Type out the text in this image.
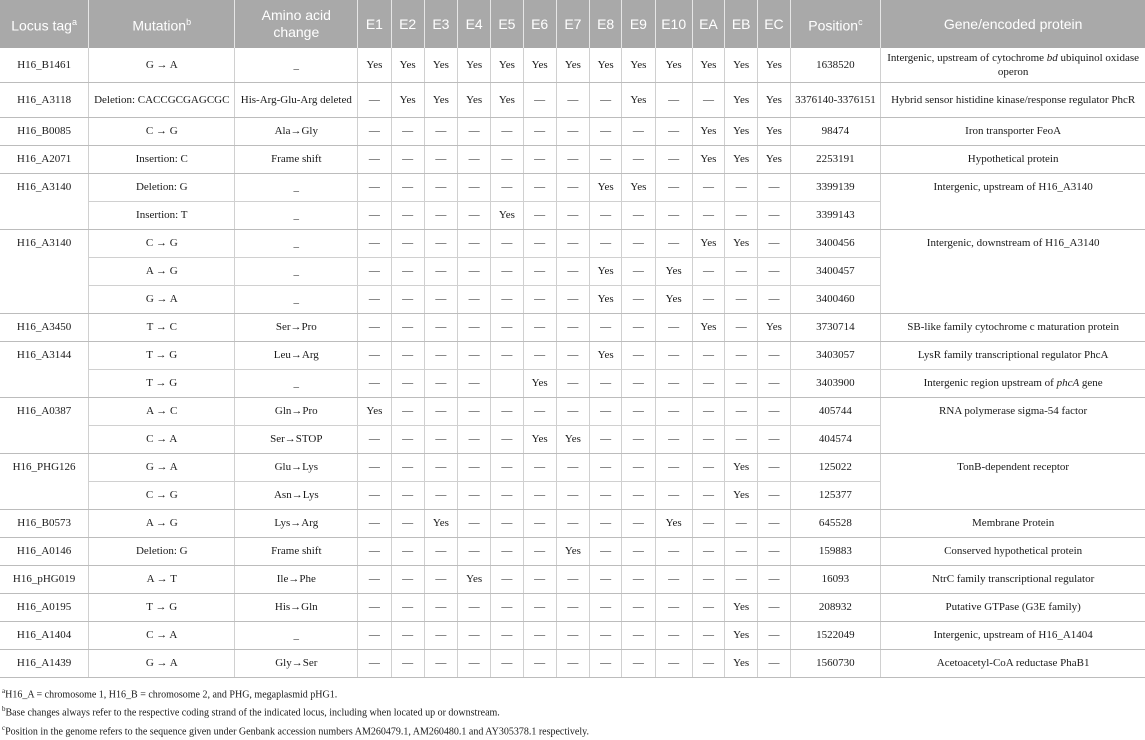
Locus tag$^a$	Mutation$^b$	Amino acid change	E1	E2	E3	E4	E5	E6	E7	E8	E9	E10	EA	EB	EC	Position$^c$	Gene/encoded protein
H16_B1461	G → A	_	Yes	Yes	Yes	Yes	Yes	Yes	Yes	Yes	Yes	Yes	Yes	Yes	Yes	1638520	Intergenic, upstream of cytochrome bd ubiquinol oxidase operon
H16_A3118	Deletion: CACCGCGAGCGC	His-Arg-Glu-Arg deleted	—	Yes	Yes	Yes	Yes	—	—	—	Yes	—	—	Yes	Yes	3376140-3376151	Hybrid sensor histidine kinase/response regulator PhcR
H16_B0085	C → G	Ala→Gly	—	—	—	—	—	—	—	—	—	—	Yes	Yes	Yes	98474	Iron transporter FeoA
H16_A2071	Insertion: C	Frame shift	—	—	—	—	—	—	—	—	—	—	Yes	Yes	Yes	2253191	Hypothetical protein
H16_A3140	Deletion: G	_	—	—	—	—	—	—	—	Yes	Yes	—	—	—	—	3399139	Intergenic, upstream of H16_A3140
	Insertion: T	_	—	—	—	—	Yes	—	—	—	—	—	—	—	—	3399143	
H16_A3140	C → G	_	—	—	—	—	—	—	—	—	—	—	Yes	Yes	—	3400456	Intergenic, downstream of H16_A3140
	A → G	_	—	—	—	—	—	—	—	Yes	—	Yes	—	—	—	3400457	
	G → A	_	—	—	—	—	—	—	—	Yes	—	Yes	—	—	—	3400460	
H16_A3450	T → C	Ser→Pro	—	—	—	—	—	—	—	—	—	—	Yes	—	Yes	3730714	SB-like family cytochrome c maturation protein
H16_A3144	T → G	Leu→Arg	—	—	—	—	—	—	—	Yes	—	—	—	—	—	3403057	LysR family transcriptional regulator PhcA
	T → G	_	—	—	—	—		Yes	—	—	—	—	—	—	—	3403900	Intergenic region upstream of phcA gene
H16_A0387	A → C	Gln→Pro	Yes	—	—	—	—	—	—	—	—	—	—	—	—	405744	RNA polymerase sigma-54 factor
	C → A	Ser→STOP	—	—	—	—	—	Yes	Yes	—	—	—	—	—	—	404574	
H16_PHG126	G → A	Glu→Lys	—	—	—	—	—	—	—	—	—	—	—	Yes	—	125022	TonB-dependent receptor
	C → G	Asn→Lys	—	—	—	—	—	—	—	—	—	—	—	Yes	—	125377	
H16_B0573	A → G	Lys→Arg	—	—	Yes	—	—	—	—	—	—	Yes	—	—	—	645528	Membrane Protein
H16_A0146	Deletion: G	Frame shift	—	—	—	—	—	—	Yes	—	—	—	—	—	—	159883	Conserved hypothetical protein
H16_pHG019	A → T	Ile→Phe	—	—	—	Yes	—	—	—	—	—	—	—	—	—	16093	NtrC family transcriptional regulator
H16_A0195	T → G	His→Gln	—	—	—	—	—	—	—	—	—	—	—	Yes	—	208932	Putative GTPase (G3E family)
H16_A1404	C → A	_	—	—	—	—	—	—	—	—	—	—	—	Yes	—	1522049	Intergenic, upstream of H16_A1404
H16_A1439	G → A	Gly→Ser	—	—	—	—	—	—	—	—	—	—	—	Yes	—	1560730	Acetoacetyl-CoA reductase PhaB1
$^a$H16_A = chromosome 1, H16_B = chromosome 2, and PHG, megaplasmid pHG1.
$^b$Base changes always refer to the respective coding strand of the indicated locus, including when located up or downstream.
$^c$Position in the genome refers to the sequence given under Genbank accession numbers AM260479.1, AM260480.1 and AY305378.1 respectively.
